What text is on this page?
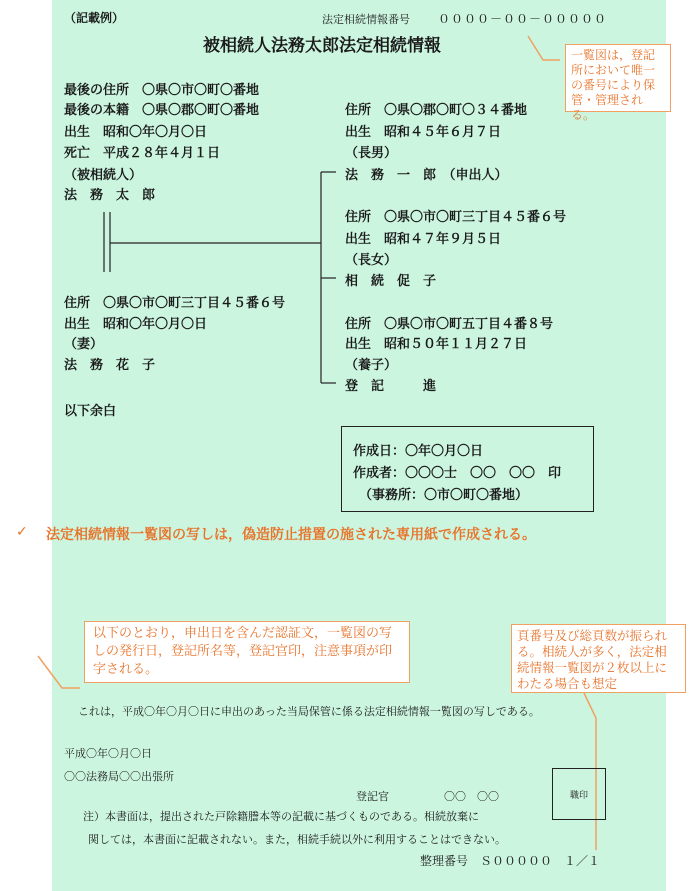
（記載例）	法定相続情報番号 ００００－００－０００００
被相続人法務太郎法定相続情報
最後の住所　〇県〇市〇町〇番地
最後の本籍　〇県〇郡〇町〇番地
出生　昭和〇年〇月〇日
死亡　平成２８年４月１日
（被相続人）
法　務　太　郎
住所　〇県〇市〇町三丁目４５番６号
出生　昭和〇年〇月〇日
（妻）
法　務　花　子
以下余白
住所　〇県〇郡〇町〇３４番地
出生　昭和４５年６月７日
（長男）
法　務　一　郎　（申出人）
住所　〇県〇市〇町三丁目４５番６号
出生　昭和４７年９月５日
（長女）
相　続　促　子
住所　〇県〇市〇町五丁目４番８号
出生　昭和５０年１１月２７日
（養子）
登　記　　　進
作成日：〇年〇月〇日
作成者：〇〇〇士　〇〇　〇〇　印
（事務所：〇市〇町〇番地）
✓ 法定相続情報一覧図の写しは，偽造防止措置の施された専用紙で作成される。
一覧図は，登記
所において唯一
の番号により保
管・管理される。
以下のとおり，申出日を含んだ認証文，一覧図の写
しの発行日，登記所名等，登記官印，注意事項が印
字される。
頁番号及び総頁数が振られ
る。相続人が多く，法定相
続情報一覧図が２枚以上に
わたる場合も想定
これは，平成〇年〇月〇日に申出のあった当局保管に係る法定相続情報一覧図の写しである。
平成〇年〇月〇日
〇〇法務局〇〇出張所
登記官　　　　　〇〇　〇〇	職印
注）本書面は，提出された戸除籍謄本等の記載に基づくものである。相続放棄に
関しては，本書面に記載されない。また，相続手続以外に利用することはできない。
整理番号　Ｓ０００００　１／１
